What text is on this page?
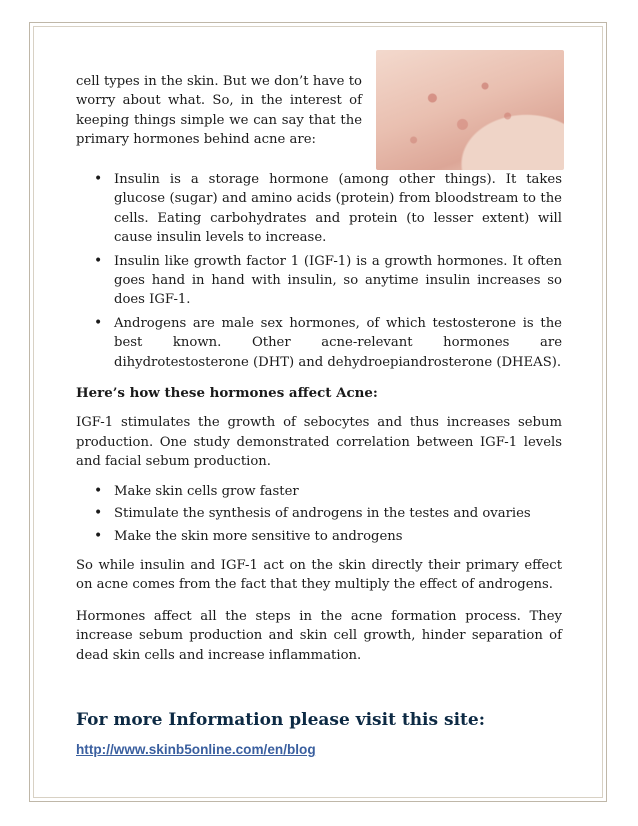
cell types in the skin. But we don’t have to worry about what. So, in the interest of keeping things simple we can say that the primary hormones behind acne are:

• Insulin is a storage hormone (among other things). It takes glucose (sugar) and amino acids (protein) from bloodstream to the cells. Eating carbohydrates and protein (to lesser extent) will cause insulin levels to increase.
• Insulin like growth factor 1 (IGF-1) is a growth hormones. It often goes hand in hand with insulin, so anytime insulin increases so does IGF-1.
• Androgens are male sex hormones, of which testosterone is the best known. Other acne-relevant hormones are dihydrotestosterone (DHT) and dehydroepiandrosterone (DHEAS).
Here’s how these hormones affect Acne:

IGF-1 stimulates the growth of sebocytes and thus increases sebum production. One study demonstrated correlation between IGF-1 levels and facial sebum production.

• Make skin cells grow faster
• Stimulate the synthesis of androgens in the testes and ovaries
• Make the skin more sensitive to androgens

So while insulin and IGF-1 act on the skin directly their primary effect on acne comes from the fact that they multiply the effect of androgens.

Hormones affect all the steps in the acne formation process. They increase sebum production and skin cell growth, hinder separation of dead skin cells and increase inflammation.

For more Information please visit this site:
http://www.skinb5online.com/en/blog
